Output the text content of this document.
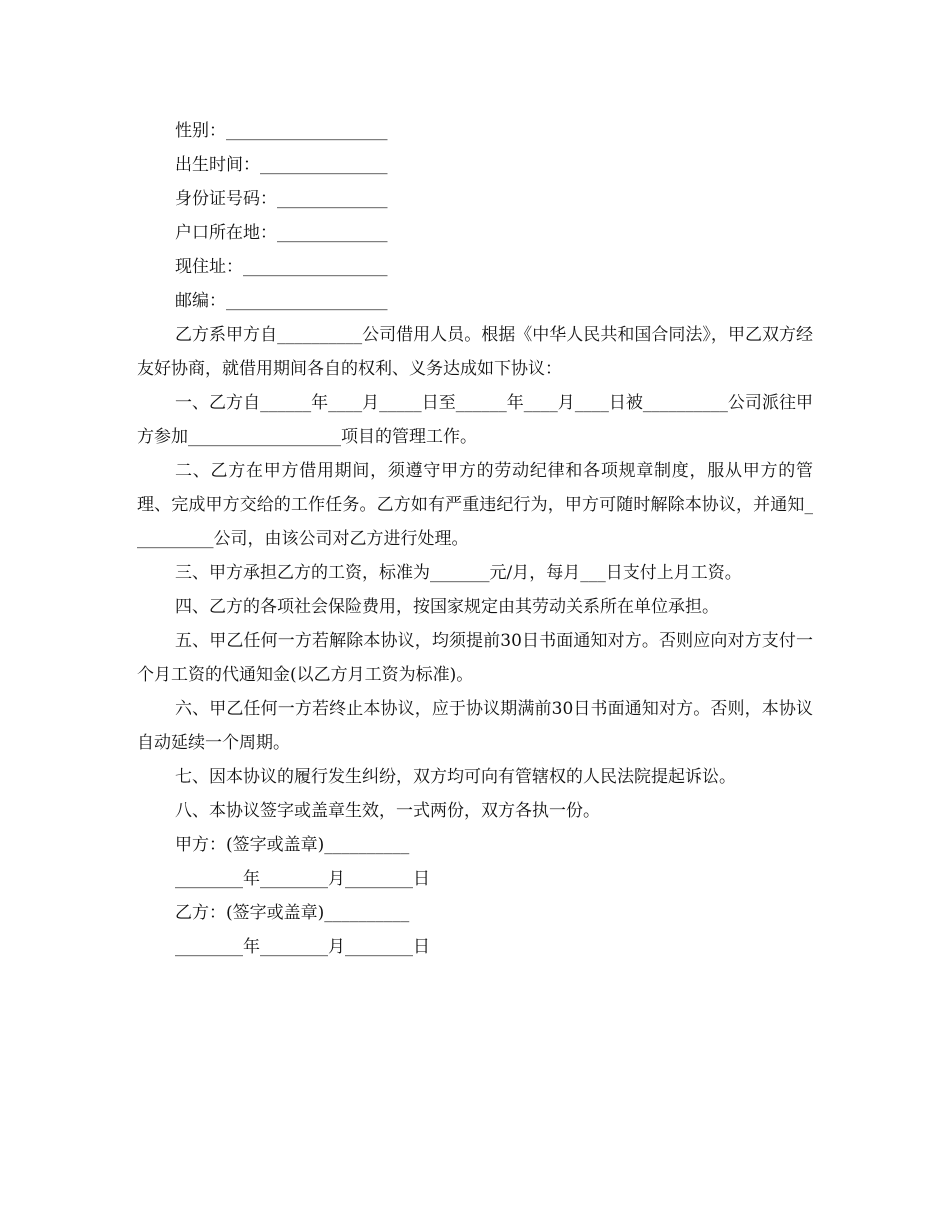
性别：___________________

出生时间：_______________

身份证号码：_____________

户口所在地：_____________

现住址：_________________

邮编：___________________

乙方系甲方自__________公司借用人员。根据《中华人民共和国合同法》，甲乙双方经友好协商，就借用期间各自的权利、义务达成如下协议：

一、乙方自______年____月_____日至______年____月____日被__________公司派往甲方参加__________________项目的管理工作。

二、乙方在甲方借用期间，须遵守甲方的劳动纪律和各项规章制度，服从甲方的管理、完成甲方交给的工作任务。乙方如有严重违纪行为，甲方可随时解除本协议，并通知__________公司，由该公司对乙方进行处理。

三、甲方承担乙方的工资，标准为_______元/月，每月___日支付上月工资。

四、乙方的各项社会保险费用，按国家规定由其劳动关系所在单位承担。

五、甲乙任何一方若解除本协议，均须提前30日书面通知对方。否则应向对方支付一个月工资的代通知金(以乙方月工资为标准)。

六、甲乙任何一方若终止本协议，应于协议期满前30日书面通知对方。否则，本协议自动延续一个周期。

七、因本协议的履行发生纠纷，双方均可向有管辖权的人民法院提起诉讼。

八、本协议签字或盖章生效，一式两份，双方各执一份。

甲方：(签字或盖章)__________

________年________月________日

乙方：(签字或盖章)__________

________年________月________日
